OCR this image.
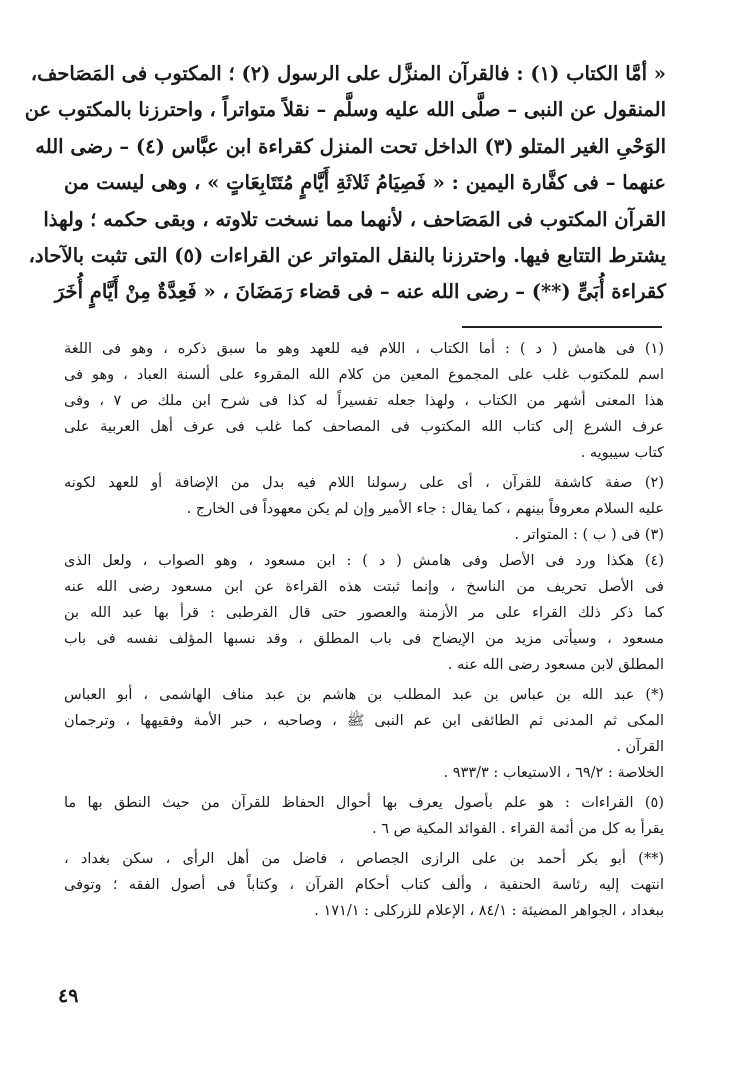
« أمَّا الكتاب (١) : فالقرآن المنزَّل على الرسول (٢) ؛ المكتوب فى المَصَاحف،
المنقول عن النبى – صلَّى الله عليه وسلَّم – نقلاً متواتراً ، واحترزنا بالمكتوب عن
الوَحْىِ الغير المتلو (٣) الداخل تحت المنزل كقراءة ابن عبَّاس (٤) – رضى الله
عنهما – فى كفَّارة اليمين : « فَصِيَامُ ثَلاثَةِ أَيَّامٍ مُتَتَابِعَاتٍ » ، وهى ليست من
القرآن المكتوب فى المَصَاحف ، لأنهما مما نسخت تلاوته ، وبقى حكمه ؛ ولهذا
يشترط التتابع فيها. واحترزنا بالنقل المتواتر عن القراءات (٥) التى تثبت بالآحاد،
كقراءة أُبَىٍّ (**) – رضى الله عنه – فى قضاء رَمَضَانَ ، « فَعِدَّةٌ مِنْ أَيَّامٍ أُخَرَ
(١) فى هامش ( د ) : أما الكتاب ، اللام فيه للعهد وهو ما سبق ذكره ، وهو فى اللغة
اسم للمكتوب غلب على المجموع المعين من كلام الله المقروء على ألسنة العباد ، وهو فى
هذا المعنى أشهر من الكتاب ، ولهذا جعله تفسيراً له كذا فى شرح ابن ملك ص ٧ ، وفى
عرف الشرع إلى كتاب الله المكتوب فى المصاحف كما غلب فى عرف أهل العربية على
كتاب سيبويه .
(٢) صفة كاشفة للقرآن ، أى على رسولنا اللام فيه بدل من الإضافة أو للعهد لكونه
عليه السلام معروفاً بينهم ، كما يقال : جاء الأمير وإن لم يكن معهوداً فى الخارج .
(٣) فى ( ب ) : المتواتر .
(٤) هكذا ورد فى الأصل وفى هامش ( د ) : ابن مسعود ، وهو الصواب ، ولعل الذى
فى الأصل تحريف من الناسخ ، وإنما ثبتت هذه القراءة عن ابن مسعود رضى الله عنه
كما ذكر ذلك القراء على مر الأزمنة والعصور حتى قال القرطبى : قرأ بها عبد الله بن
مسعود ، وسيأتى مزيد من الإيضاح فى باب المطلق ، وقد نسبها المؤلف نفسه فى باب
المطلق لابن مسعود رضى الله عنه .
(*) عبد الله بن عباس بن عبد المطلب بن هاشم بن عبد مناف الهاشمى ، أبو العباس
المكى ثم المدنى ثم الطائفى ابن عم النبى ﷺ ، وصاحبه ، حبر الأمة وفقيهها ، وترجمان
القرآن .
الخلاصة : ٦٩/٢ ، الاستيعاب : ٩٣٣/٣ .
(٥) القراءات : هو علم بأصول يعرف بها أحوال الحفاظ للقرآن من حيث النطق بها ما
يقرأ به كل من أئمة القراء . الفوائد المكية ص ٦ .
(**) أبو بكر أحمد بن على الرازى الجصاص ، فاضل من أهل الرأى ، سكن بغداد ،
انتهت إليه رئاسة الحنفية ، وألف كتاب أحكام القرآن ، وكتاباً فى أصول الفقه ؛ وتوفى
ببغداد ، الجواهر المضيئة : ٨٤/١ ، الإعلام للزركلى : ١٧١/١ .
٤٩
